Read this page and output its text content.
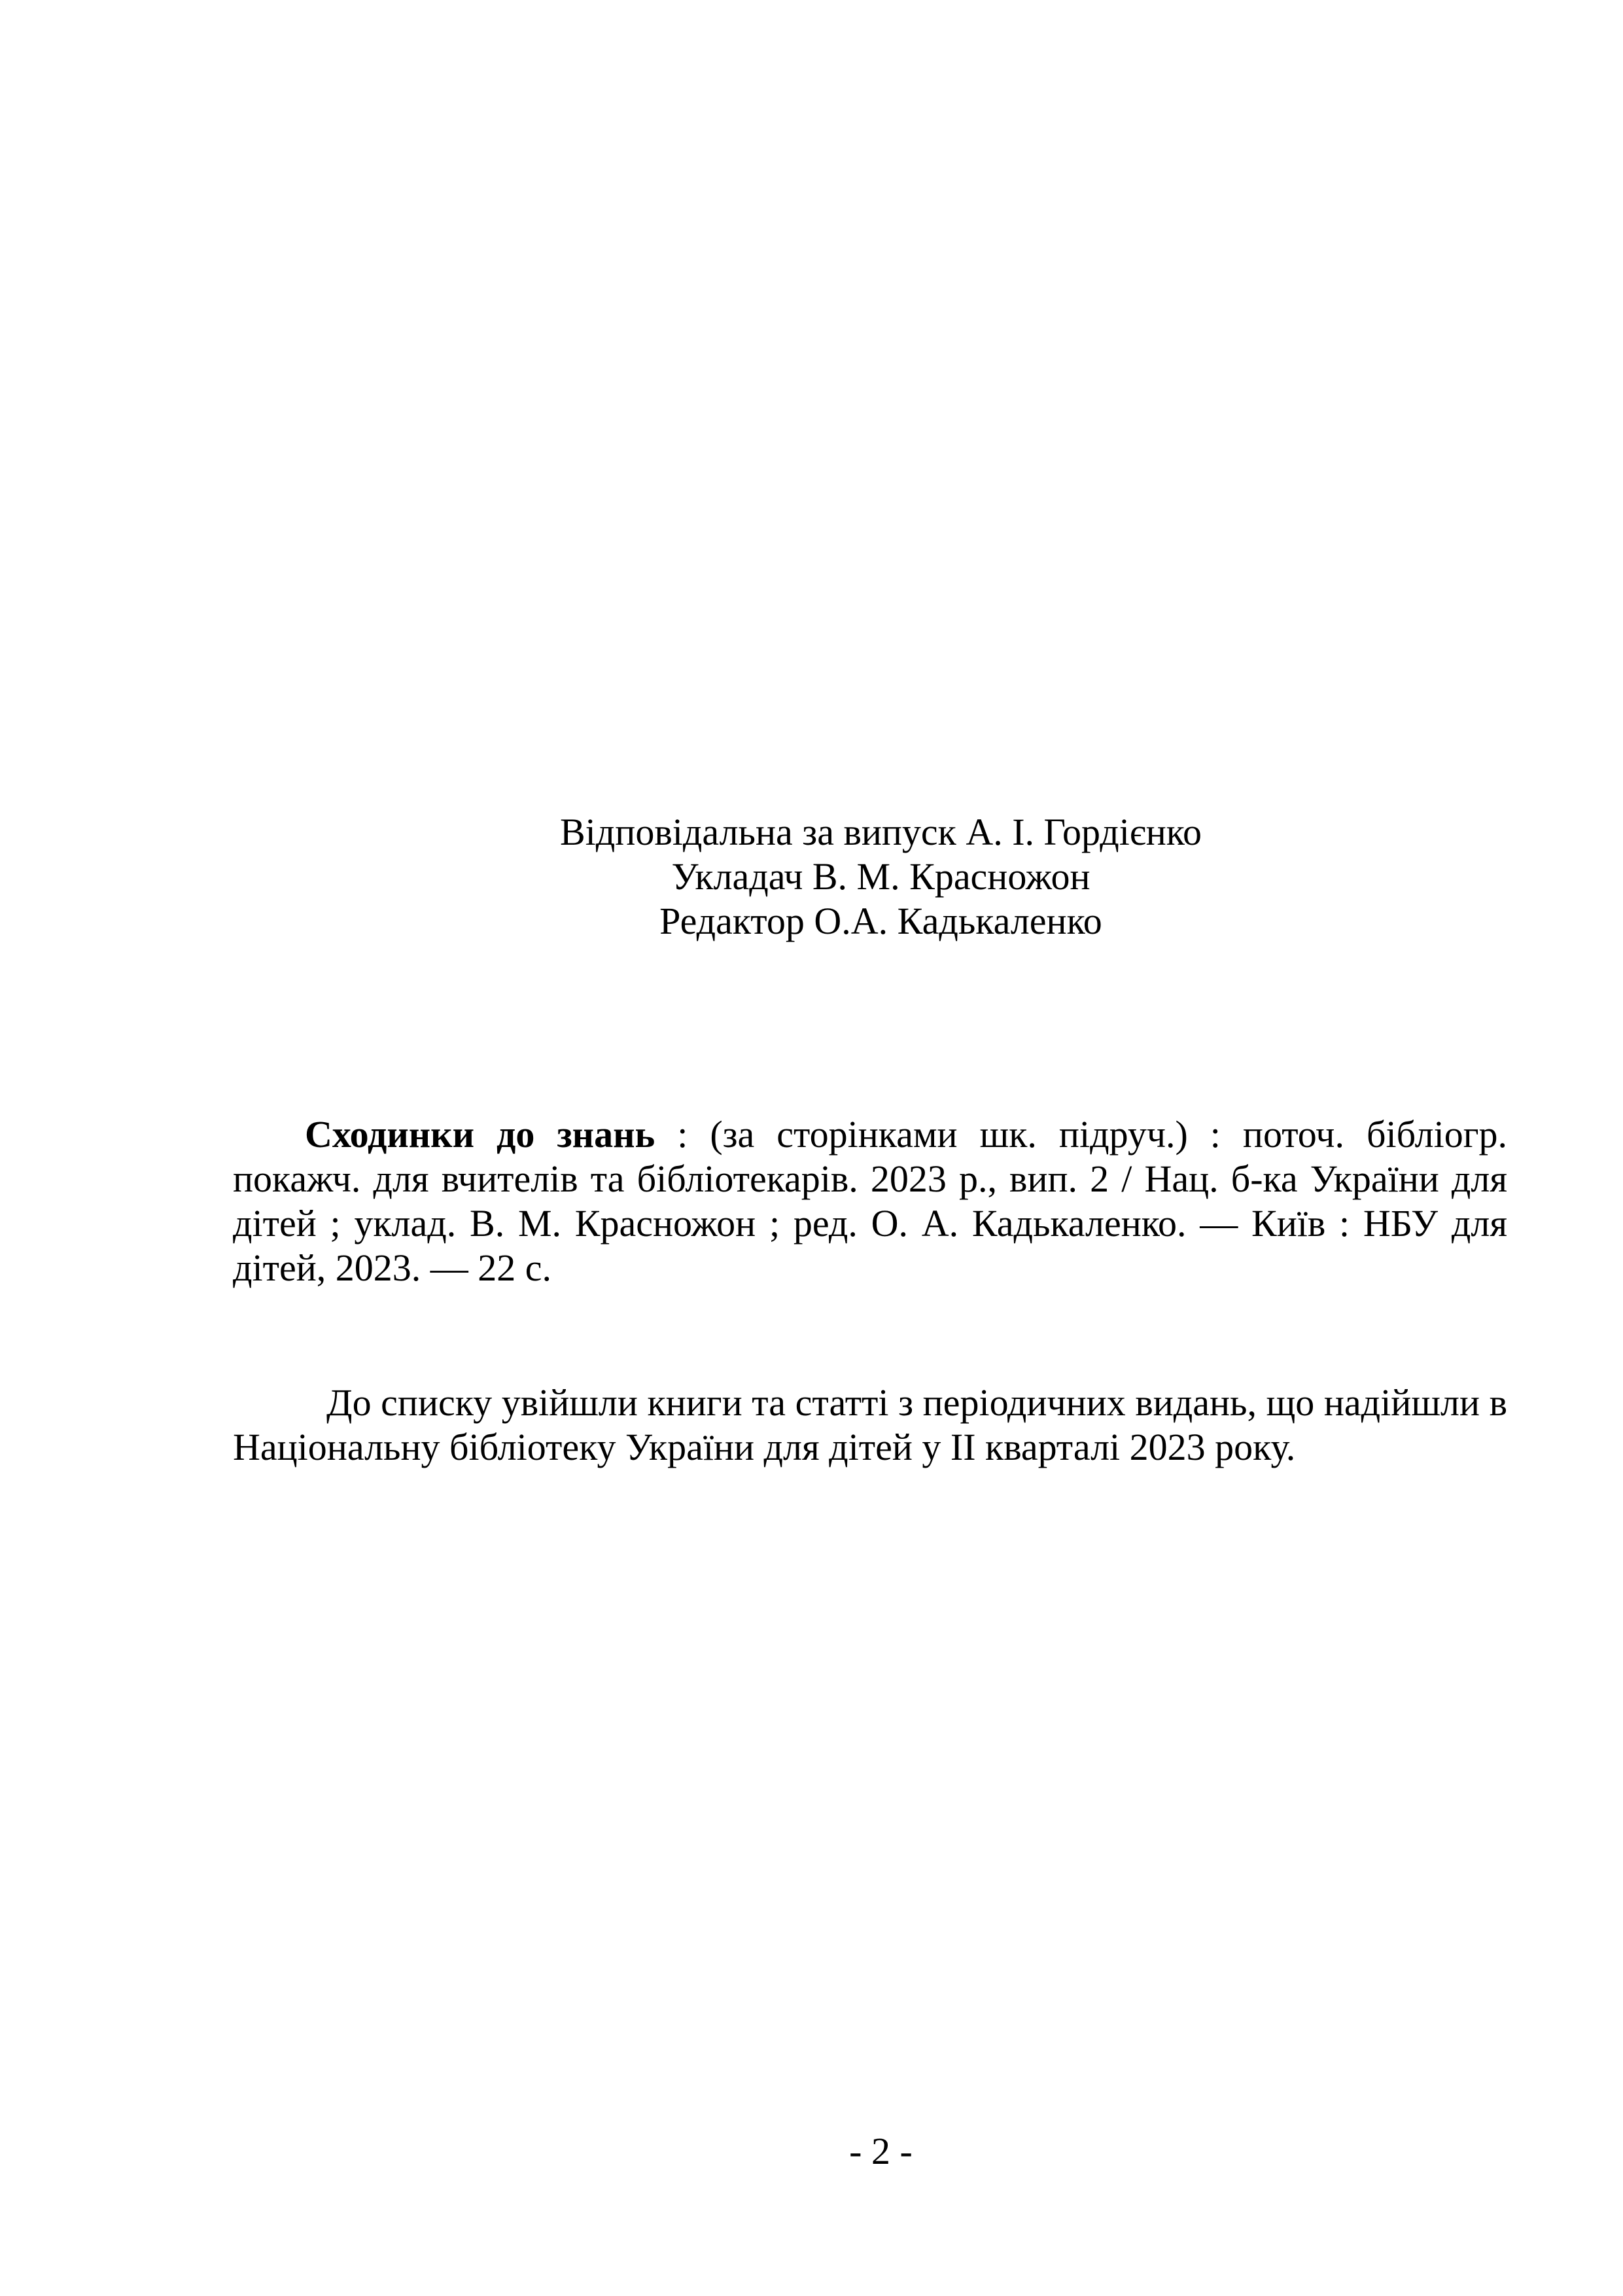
Відповідальна за випуск А. І. Гордієнко
Укладач В. М. Красножон
Редактор О.А. Кадькаленко

Сходинки до знань : (за сторінками шк. підруч.) : поточ. бібліогр. покажч. для вчителів та бібліотекарів. 2023 р., вип. 2 / Нац. б-ка України для дітей ; уклад. В. М. Красножон ; ред. О. А. Кадькаленко. — Київ : НБУ для дітей, 2023. — 22 с.

До списку увійшли книги та статті з періодичних видань, що надійшли в Національну бібліотеку України для дітей у ІІ кварталі 2023 року.

- 2 -
